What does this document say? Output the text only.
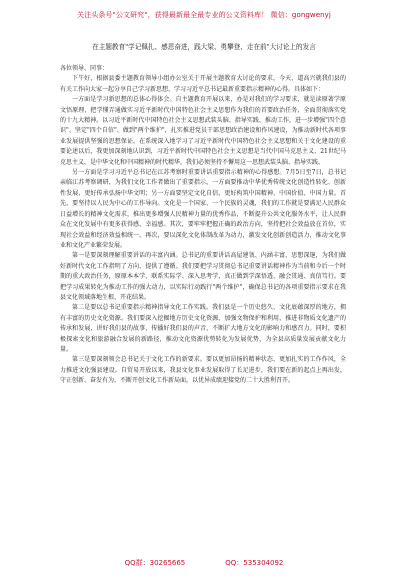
关注头条号"公文研究"，获得最新最全最专业的公文资料库！ 微信：gongwenyj
在主题教育"学记佩扎、感恩奋进，践大梁、勇攀登、走在前"大讨论上的发言

各位领导、同事：

下午好，根据县委主题教育领导小组办公室关于开展主题教育大讨论的要求，今天，道高兴就我们县的有关工作向大家一起分享自己学习新思想、学习习近平总书记最新重要指示精神的心得。具体如下：

一方面是学习新思想的总体心得体会。自主题教育开展以来，办是对我们的学习要求，就是读原著学原文悟原理，把学懂弄通做实习近平新时代中国特色社会主义思想作为我们的首要政治任务，全面贯彻落实党的十九大精神。以习近平新时代中国特色社会主义思想武装头脑、指导实践、推动工作，进一步增强"四个意识"、坚定"四个自信"、做到"两个维护"，扎实推进党员干部思想政治建设和作风建设，为推动新时代各项事业发展提供坚强的思想保证。在系统深入地学习了习近平新时代中国特色社会主义思想和关于文化建设的重要论述以后，我更加深刻地认识到，习近平新时代中国特色社会主义思想是当代中国马克思主义、21世纪马克思主义，是中华文化和中国精神的时代精华，我们必须坚持不懈用这一思想武装头脑、指导实践。

另一方面是学习习近平总书记在江苏考察时重要讲话重要指示精神的心得感想。7月5日至7日，总书记亲临江苏考察调研，为我们文化工作者做出了重要指示，一方面要推动中华优秀传统文化创造性转化、创新性发展，更好传承弘扬中华文明；另一方面要坚定文化自信，更好构筑中国精神、中国价值、中国力量。首先，要坚持以人民为中心的工作导向。文化是一个国家、一个民族的灵魂，我们的工作就是要满足人民群众日益增长的精神文化需求，推出更多增强人民精神力量的优秀作品，不断提升公共文化服务水平，让人民群众在文化发展中有更多获得感、幸福感。其次，要牢牢把握正确的政治方向，坚持把社会效益放在首位，实现社会效益和经济效益相统一。再次，要以深化文化体制改革为动力，激发文化创新创造活力，推动文化事业和文化产业繁荣发展。

第一是要深刻理解重要讲话的丰富内涵。总书记的重要讲话高屋建瓴、内涵丰富、思想深邃，为我们做好新时代文化工作指明了方向、提供了遵循。我们要把学习贯彻总书记重要讲话精神作为当前和今后一个时期的重大政治任务，原原本本学、联系实际学、深入思考学，真正做到学深悟透、融会贯通、真信笃行。要把学习成果转化为推动工作的强大动力，以实际行动践行"两个维护"，确保总书记的各项重要指示要求在我县文化领域落地生根、开花结果。

第二是要以总书记重要指示精神指导文化工作实践。我们县是一个历史悠久、文化底蕴深厚的地方，拥有丰富的历史文化资源。我们要深入挖掘地方历史文化资源，加强文物保护和利用，推进非物质文化遗产的传承和发展，讲好我们县的故事，传播好我们县的声音，不断扩大地方文化的影响力和感召力。同时，要积极探索文化和旅游融合发展的新路径，推动文化资源优势转化为发展优势，为全县高质量发展贡献文化力量。

第三是要深刻领会总书记关于文化工作的新要求。要以更加昂扬的精神状态、更加扎实的工作作风，全力推进文化强县建设。自贸易开放以来，我县文化事业发展取得了长足进步，我们要在新的起点上再出发，守正创新、奋发有为，不断开创文化工作新局面，以优异成绩迎接党的二十大胜利召开。

QQ群：30265665	QQ：535304092
